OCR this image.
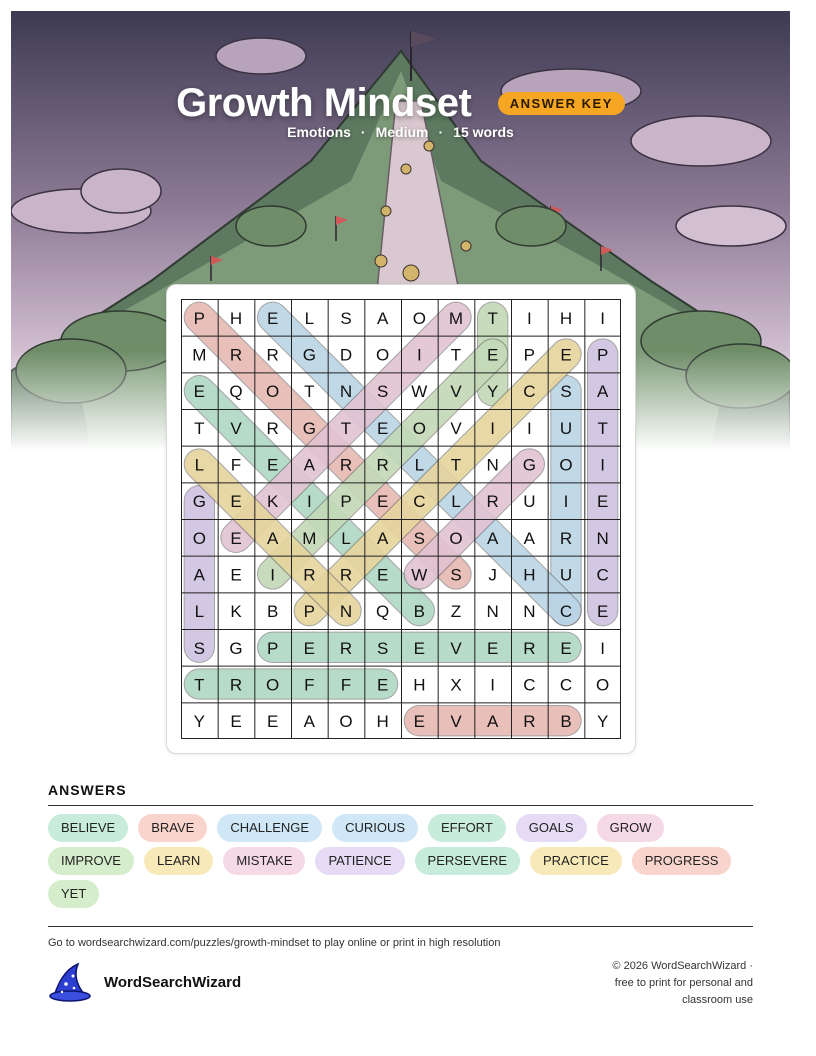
Growth Mindset	ANSWER KEY
Emotions · Medium · 15 words
P H E L S A O M T I H I
M R R G D O I T E P E P
E Q O T N S W V Y C S A
T V R G T E O V I I U T
L F E A R R L T N G O I
G E K I P E C L R U I E
O E A M L A S O A A R N
A E I R R E W S J H U C
L K B P N Q B Z N N C E
S G P E R S E V E R E I
T R O F F E H X I C C O
Y E E A O H E V A R B Y
ANSWERS
BELIEVE	BRAVE	CHALLENGE	CURIOUS	EFFORT	GOALS	GROW
IMPROVE	LEARN	MISTAKE	PATIENCE	PERSEVERE	PRACTICE	PROGRESS
YET
Go to wordsearchwizard.com/puzzles/growth-mindset to play online or print in high resolution
WordSearchWizard
© 2026 WordSearchWizard ·
free to print for personal and
classroom use
